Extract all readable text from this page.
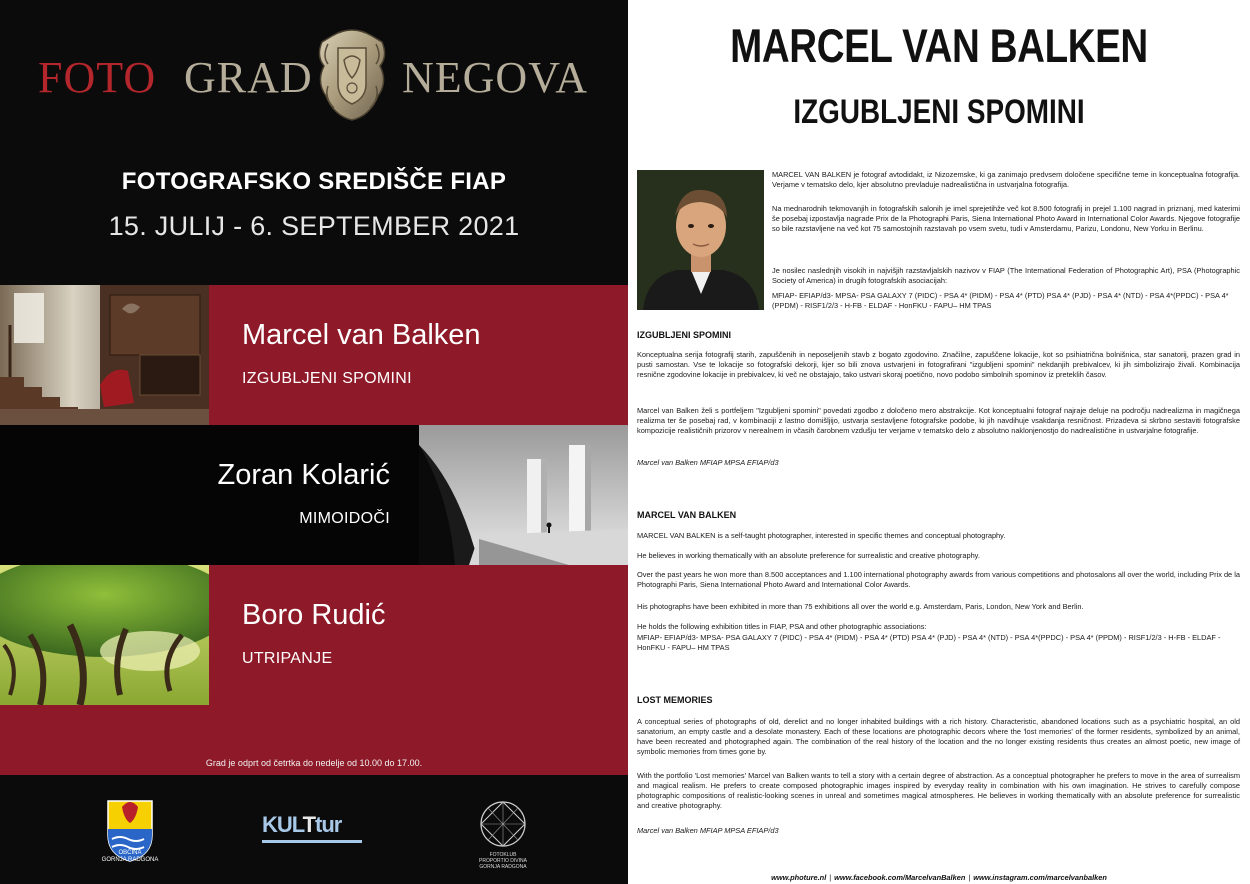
FOTO GRAD NEGOVA
FOTOGRAFSKO SREDIŠČE FIAP
15. JULIJ - 6. SEPTEMBER 2021
Marcel van Balken
IZGUBLJENI SPOMINI
Zoran Kolarić
MIMOIDOČI
Boro Rudić
UTRIPANJE
Grad je odprt od četrtka do nedelje od 10.00 do 17.00.
OBČINA
GORNJA RADGONA
KULTtur
FOTOKLUB
PROPORTIO DIVINA
GORNJA RADGONA
MARCEL VAN BALKEN
IZGUBLJENI SPOMINI

MARCEL VAN BALKEN je fotograf avtodidakt, iz Nizozemske, ki ga zanimajo predvsem določene specifične teme in konceptualna fotografija. Verjame v tematsko delo, kjer absolutno prevladuje nadrealistična in ustvarjalna fotografija.

Na mednarodnih tekmovanjih in fotografskih salonih je imel sprejetihže več kot 8.500 fotografij in prejel 1.100 nagrad in priznanj, med katerimi še posebaj izpostavlja nagrade Prix de la Photographi Paris, Siena International Photo Award in International Color Awards. Njegove fotografije so bile razstavljene na več kot 75 samostojnih razstavah po vsem svetu, tudi v Amsterdamu, Parizu, Londonu, New Yorku in Berlinu.

Je nosilec naslednjih visokih in najvišjih razstavljalskih nazivov v FIAP (The International Federation of Photographic Art), PSA (Photographic Society of America) in drugih fotografskih asociacijah:

MFIAP- EFIAP/d3- MPSA- PSA GALAXY 7 (PIDC) - PSA 4* (PIDM) - PSA 4* (PTD) PSA 4* (PJD) - PSA 4* (NTD) - PSA 4*(PPDC) - PSA 4* (PPDM) - RISF1/2/3 - H-FB - ELDAF - HonFKU - FAPU– HM TPAS

IZGUBLJENI SPOMINI

Konceptualna serija fotografij starih, zapuščenih in neposeljenih stavb z bogato zgodovino. Značilne, zapuščene lokacije, kot so psihiatrična bolnišnica, star sanatorij, prazen grad in pusti samostan. Vse te lokacije so fotografski dekorji, kjer so bili znova ustvarjeni in fotografirani "izgubljeni spomini" nekdanjih prebivalcev, ki jih simbolizirajo živali. Kombinacija resnične zgodovine lokacije in prebivalcev, ki več ne obstajajo, tako ustvari skoraj poetično, novo podobo simbolnih spominov iz preteklih časov.

Marcel van Balken želi s portfeljem "Izgubljeni spomini" povedati zgodbo z določeno mero abstrakcije. Kot konceptualni fotograf najraje deluje na področju nadrealizma in magičnega realizma ter še posebaj rad, v kombinaciji z lastno domišljijo, ustvarja sestavljene fotografske podobe, ki jih navdihuje vsakdanja resničnost. Prizadeva si skrbno sestaviti fotografske kompozicije realističnih prizorov v nerealnem in včasih čarobnem vzdušju ter verjame v tematsko delo z absolutno naklonjenostjo do nadrealistične in ustvarjalne fotografije.

Marcel van Balken MFIAP MPSA EFIAP/d3
MARCEL VAN BALKEN

MARCEL VAN BALKEN is a self-taught photographer, interested in specific themes and conceptual photography.

He believes in working thematically with an absolute preference for surrealistic and creative photography.

Over the past years he won more than 8.500 acceptances and 1.100 international photography awards from various competitions and photosalons all over the world, including Prix de la Photographi Paris, Siena International Photo Award and International Color Awards.

His photographs have been exhibited in more than 75 exhibitions all over the world e.g. Amsterdam, Paris, London, New York and Berlin.

He holds the following exhibition titles in FIAP, PSA and other photographic associations:

MFIAP- EFIAP/d3- MPSA- PSA GALAXY 7 (PIDC) - PSA 4* (PIDM) - PSA 4* (PTD) PSA 4* (PJD) - PSA 4* (NTD) - PSA 4*(PPDC) - PSA 4* (PPDM) - RISF1/2/3 - H-FB - ELDAF - HonFKU - FAPU– HM TPAS

LOST MEMORIES

A conceptual series of photographs of old, derelict and no longer inhabited buildings with a rich history. Characteristic, abandoned locations such as a psychiatric hospital, an old sanatorium, an empty castle and a desolate monastery. Each of these locations are photographic decors where the 'lost memories' of the former residents, symbolized by an animal, have been recreated and photographed again. The combination of the real history of the location and the no longer existing residents thus creates an almost poetic, new image of symbolic memories from times gone by.

With the portfolio 'Lost memories' Marcel van Balken wants to tell a story with a certain degree of abstraction. As a conceptual photographer he prefers to move in the area of surrealism and magical realism. He prefers to create composed photographic images inspired by everyday reality in combination with his own imagination. He strives to carefully compose photographic compositions of realistic-looking scenes in unreal and sometimes magical atmospheres. He believes in working thematically with an absolute preference for surrealistic and creative photography.

Marcel van Balken MFIAP MPSA EFIAP/d3
www.photure.nl | www.facebook.com/MarcelvanBalken | www.instagram.com/marcelvanbalken
